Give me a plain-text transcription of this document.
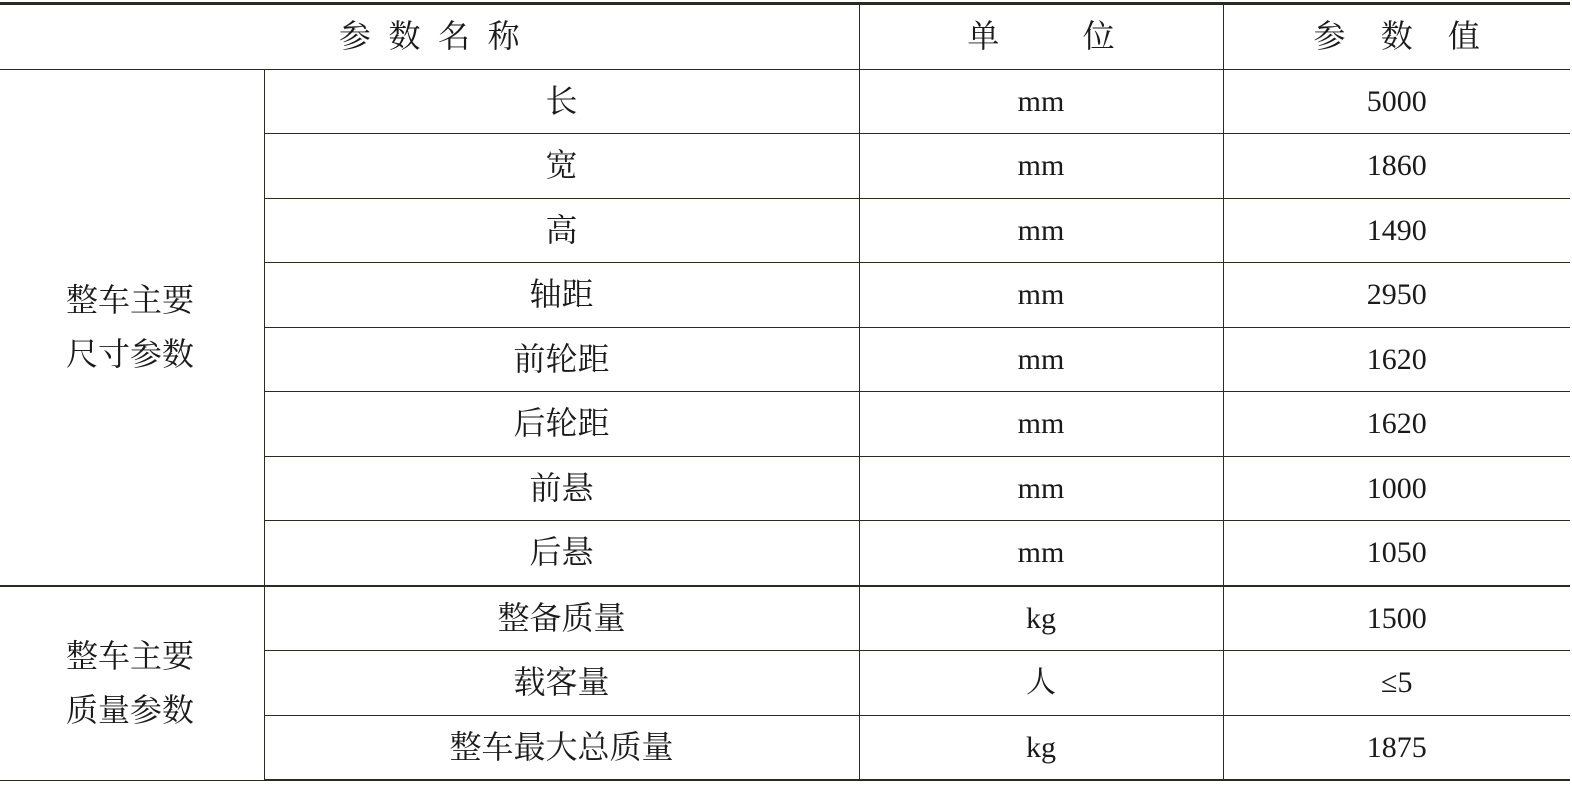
参数名称		单位	参数值

整车主要
尺寸参数	长	mm	5000
	宽	mm	1860
	高	mm	1490
	轴距	mm	2950
	前轮距	mm	1620
	后轮距	mm	1620
	前悬	mm	1000
	后悬	mm	1050

整车主要
质量参数	整备质量	kg	1500
	载客量	人	≤5
	整车最大总质量	kg	1875
